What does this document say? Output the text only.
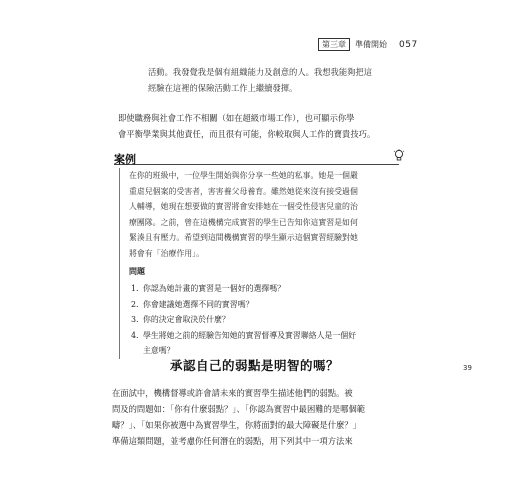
第三章	準備開始 057

活動。我發覺我是個有組織能力及創意的人。我想我能夠把這

經驗在這裡的保險活動工作上繼續發揮。

即使職務與社會工作不相關（如在超級市場工作），也可顯示你學

會平衡學業與其他責任，而且很有可能，你較取與人工作的寶貴技巧。

案例

在你的班級中，一位學生開始與你分享一些她的私事。她是一個嚴

重虐兒個案的受害者，害害養父母養育。雖然她從來沒有接受過個

人輔導，她現在想要做的實習將會安排她在一個受性侵害兒童的治

療團隊。之前，曾在這機構完成實習的學生已告知你這實習是如何

緊湊且有壓力。希望到這間機構實習的學生顯示這個實習經驗對她

將會有「治療作用」。

問題
1. 你認為她計畫的實習是一個好的選擇嗎？
2. 你會建議她選擇不同的實習嗎？
3. 你的決定會取決於什麼？
4. 學生將她之前的經驗告知她的實習督導及實習聯絡人是一個好
主意嗎？
承認自己的弱點是明智的嗎？	39

在面試中，機構督導或許會請未來的實習學生描述他們的弱點。被

問及的問題如：「你有什麼弱點？」、「你認為實習中最困難的是哪個範

疇？」、「如果你被選中為實習學生，你將面對的最大障礙是什麼？」

準備這類問題，並考慮你任何潛在的弱點，用下列其中一項方法來
